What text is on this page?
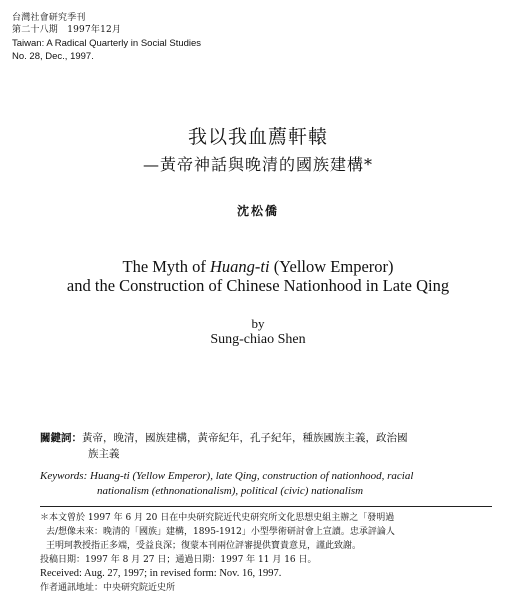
台灣社會研究季刊
第二十八期　1997年12月
Taiwan: A Radical Quarterly in Social Studies
No. 28, Dec., 1997.
我以我血薦軒轅
—黃帝神話與晚清的國族建構*
沈松僑
The Myth of Huang-ti (Yellow Emperor)
and the Construction of Chinese Nationhood in Late Qing
by
Sung-chiao Shen
關鍵詞：黃帝，晚清，國族建構，黃帝紀年，孔子紀年，種族國族主義，政治國
族主義
Keywords: Huang-ti (Yellow Emperor), late Qing, construction of nationhood, racial
nationalism (ethnonationalism), political (civic) nationalism
＊本文曾於 1997 年 6 月 20 日在中央研究院近代史研究所文化思想史組主辦之「發明過
去/想像未來：晚清的「國族」建構，1895-1912」小型學術研討會上宣讀。忠承評論人
王明珂教授指正多端，受益良深；復蒙本刊兩位評審提供寶貴意見，謹此致謝。
投稿日期：1997 年 8 月 27 日；通過日期：1997 年 11 月 16 日。
Received: Aug. 27, 1997; in revised form: Nov. 16, 1997.
作者通訊地址：中央研究院近史所
